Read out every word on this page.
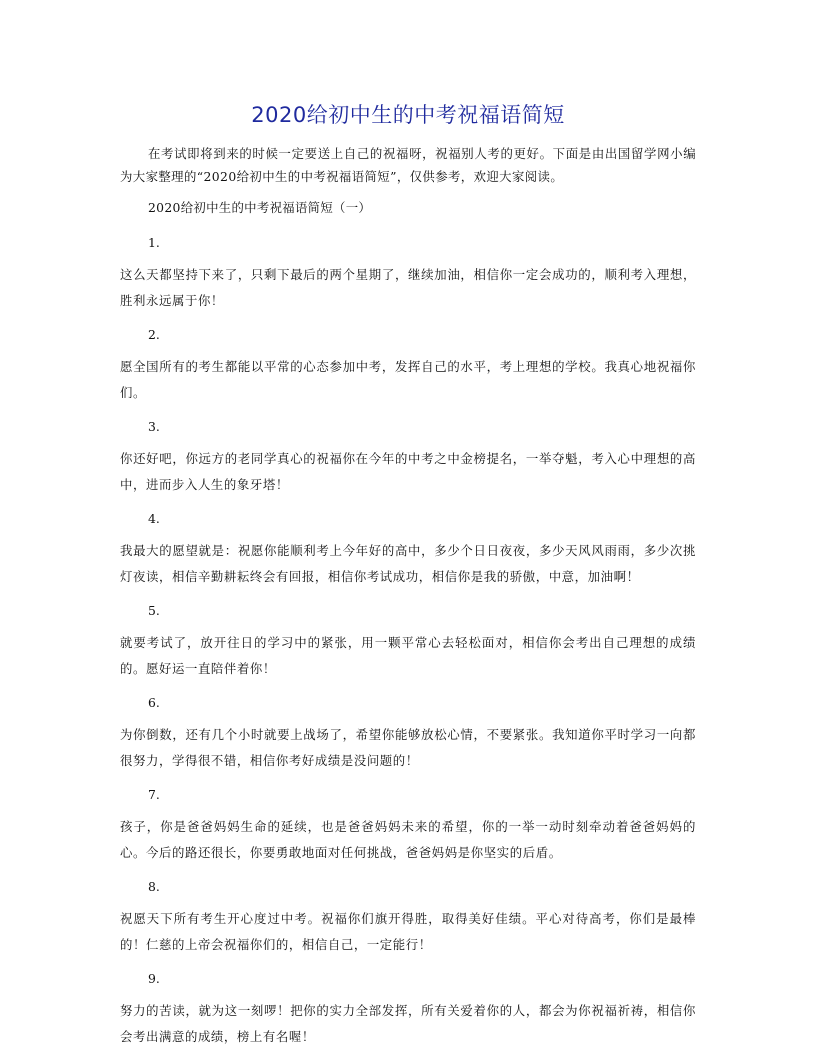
2020给初中生的中考祝福语简短

在考试即将到来的时候一定要送上自己的祝福呀，祝福别人考的更好。下面是由出国留学网小编为大家整理的“2020给初中生的中考祝福语简短”，仅供参考，欢迎大家阅读。

2020给初中生的中考祝福语简短（一）
1.
这么天都坚持下来了，只剩下最后的两个星期了，继续加油，相信你一定会成功的，顺利考入理想，胜利永远属于你！
2.
愿全国所有的考生都能以平常的心态参加中考，发挥自己的水平，考上理想的学校。我真心地祝福你们。
3.
你还好吧，你远方的老同学真心的祝福你在今年的中考之中金榜提名，一举夺魁，考入心中理想的高中，进而步入人生的象牙塔！
4.
我最大的愿望就是：祝愿你能顺利考上今年好的高中，多少个日日夜夜，多少天风风雨雨，多少次挑灯夜读，相信辛勤耕耘终会有回报，相信你考试成功，相信你是我的骄傲，中意，加油啊！
5.
就要考试了，放开往日的学习中的紧张，用一颗平常心去轻松面对，相信你会考出自己理想的成绩的。愿好运一直陪伴着你！
6.
为你倒数，还有几个小时就要上战场了，希望你能够放松心情，不要紧张。我知道你平时学习一向都很努力，学得很不错，相信你考好成绩是没问题的！
7.
孩子，你是爸爸妈妈生命的延续，也是爸爸妈妈未来的希望，你的一举一动时刻牵动着爸爸妈妈的心。今后的路还很长，你要勇敢地面对任何挑战，爸爸妈妈是你坚实的后盾。
8.
祝愿天下所有考生开心度过中考。祝福你们旗开得胜，取得美好佳绩。平心对待高考，你们是最棒的！仁慈的上帝会祝福你们的，相信自己，一定能行！
9.
努力的苦读，就为这一刻啰！把你的实力全部发挥，所有关爱着你的人，都会为你祝福祈祷，相信你会考出满意的成绩，榜上有名喔！
